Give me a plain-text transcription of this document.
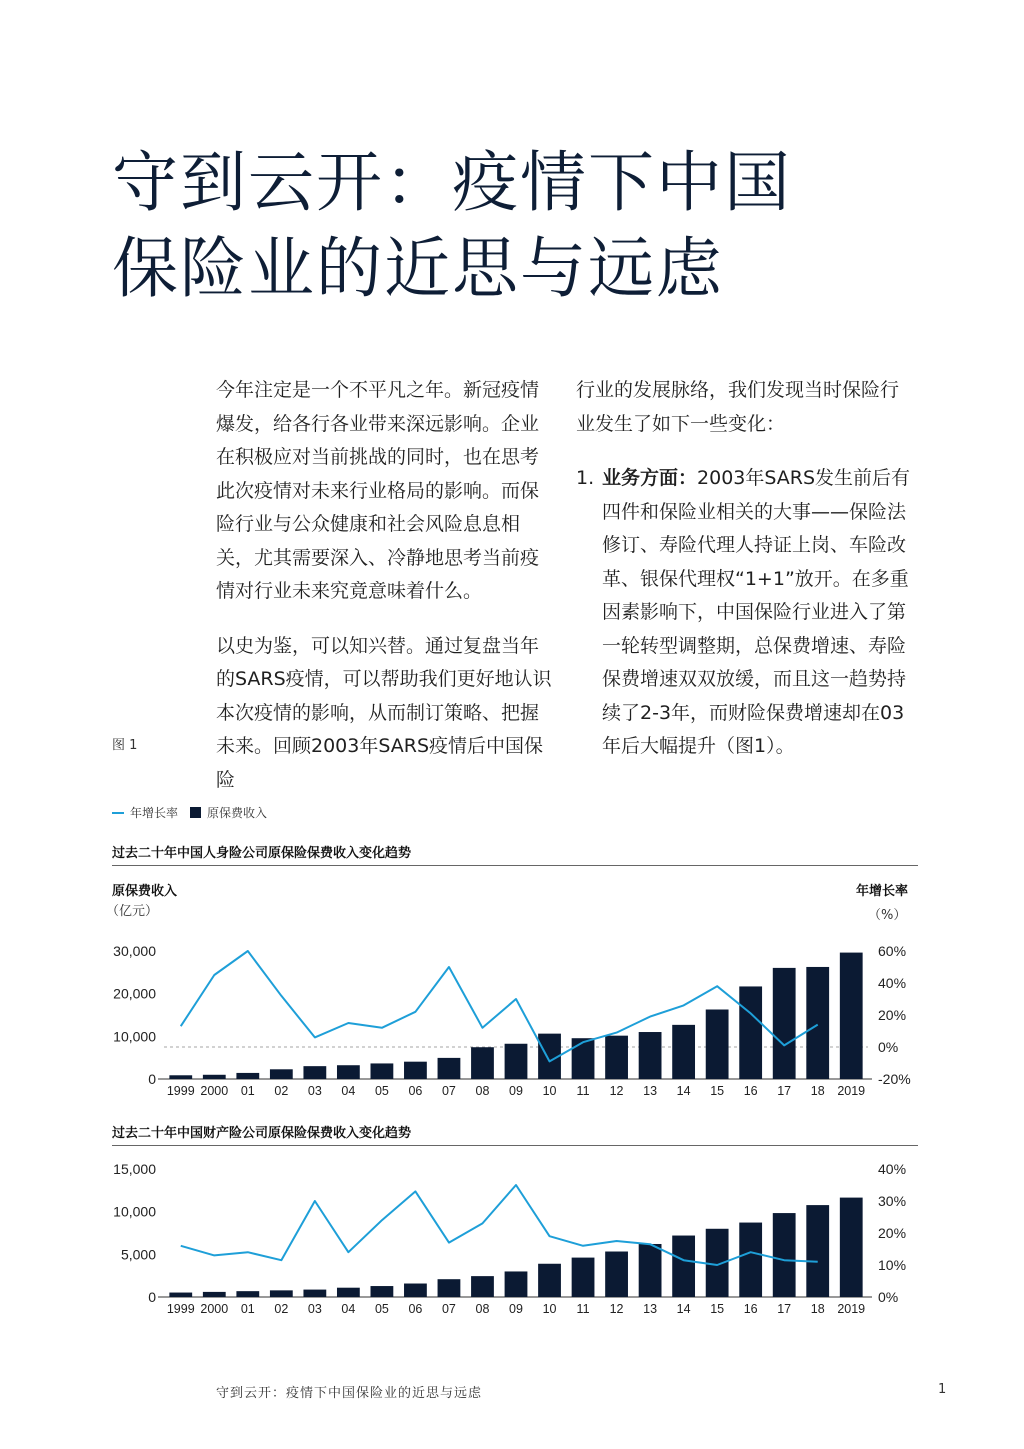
守到云开：疫情下中国
保险业的近思与远虑

今年注定是一个不平凡之年。新冠疫情爆发，给各行各业带来深远影响。企业在积极应对当前挑战的同时，也在思考此次疫情对未来行业格局的影响。而保险行业与公众健康和社会风险息息相关，尤其需要深入、冷静地思考当前疫情对行业未来究竟意味着什么。

以史为鉴，可以知兴替。通过复盘当年的SARS疫情，可以帮助我们更好地认识本次疫情的影响，从而制订策略、把握未来。回顾2003年SARS疫情后中国保险

行业的发展脉络，我们发现当时保险行业发生了如下一些变化：

1. 业务方面：2003年SARS发生前后有四件和保险业相关的大事——保险法修订、寿险代理人持证上岗、车险改革、银保代理权“1+1”放开。在多重因素影响下，中国保险行业进入了第一轮转型调整期，总保费增速、寿险保费增速双双放缓，而且这一趋势持续了2-3年，而财险保费增速却在03年后大幅提升（图1）。
图 1
年增长率 原保费收入
过去二十年中国人身险公司原保险保费收入变化趋势
原保费收入
（亿元）
年增长率
（%）
0
10,000
20,000
30,000
-20%
0%
20%
40%
60%
1999 2000 01 02 03 04 05 06 07 08 09 10 11 12 13 14 15 16 17 18 2019
过去二十年中国财产险公司原保险保费收入变化趋势
0
5,000
10,000
15,000
0%
10%
20%
30%
40%
1999 2000 01 02 03 04 05 06 07 08 09 10 11 12 13 14 15 16 17 18 2019
守到云开：疫情下中国保险业的近思与远虑	1
